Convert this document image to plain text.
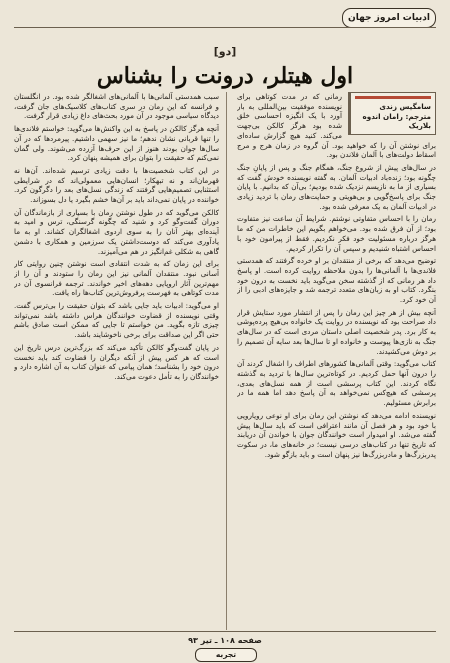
ادبیات امروز جهان
[دو]
اول هیتلر، درونت را بشناس
سامگیس زندی
مترجم: رامان اندوه بلاریک

رمانی که در مدت کوتاهی برای نویسنده موفقیت بین‌المللی به بار آورد با یک انگیزه احساسی خلق شده بود هرگز کالکن بی‌جهت می‌کند. کنید هیچ گزارش ساده‌ای برای نوشتن آن را که خواهید بود. آن گروه در زمان هرج و مرج اسقاط دولت‌های با آلمان فلاندن بود.

در سال‌های پیش از شروع جنگ، همگام جنگ و پس از پایانِ جنگ چگونه بود؛ زنده‌باد ادبیات آلمان. به گفته نویسنده خودش گفت که بسیاری از ما به نازیسم نزدیک شده بودیم؛ بی‌آن که بدانیم. با پایان جنگ برای پاسخ‌گویی و بی‌هویتی و حمایت‌های رمان با تردید زیادی در ادبیات آلمان به یک معرفی شده بود.

رمان را با احساس متفاوتی نوشتم. شرایط آن ساعت نیز متفاوت بود؛ از آن فرق شده بود. می‌خواهم بگویم این خاطرات من که ما هرگز درباره مسئولیت خود فکر نکردیم. فقط از پیرامون خود با احساس اشتباه شنیدیم و سپس آن را تکرار کردیم.

توضیح می‌دهد که برخی از منتقدان بر او خرده گرفتند که همدستی فلاندی‌ها با آلمانی‌ها را بدون ملاحظه روایت کرده است. او پاسخ داد هر رمانی که از گذشته سخن می‌گوید باید نخست به درون خود بنگرد. کتاب او به زبان‌های متعدد ترجمه شد و جایزه‌های ادبی را از آن خود کرد.

آنچه بیش از هر چیز این رمان را پس از انتشار مورد ستایش قرار داد صراحت بود که نویسنده در روایت یک خانواده بی‌هیچ پرده‌پوشی به کار برد. پدر شخصیت اصلی داستان مردی است که در سال‌های جنگ به نازی‌ها پیوست و خانواده او تا سال‌ها بعد سایه آن تصمیم را بر دوش می‌کشیدند.

کتاب می‌گوید: وقتی آلمانی‌ها کشورهای اطراف را اشغال کردند آن را درون آنها حمل کردیم. در کوتاه‌ترین سال‌ها با تردید به گذشته نگاه کردند. این کتاب پرسشی است از همه نسل‌های بعدی، پرسشی که هیچ‌کس نمی‌خواهد به آن پاسخ دهد اما همه ما در برابرش مسئولیم.

نویسنده ادامه می‌دهد که نوشتن این رمان برای او نوعی رویارویی با خود بود و هر فصل آن مانند اعترافی است که باید سال‌ها پیش گفته می‌شد. او امیدوار است خوانندگان جوان با خواندن آن دریابند که تاریخ تنها در کتاب‌های درسی نیست؛ در خانه‌های ما، در سکوت پدربزرگ‌ها و مادربزرگ‌ها نیز پنهان است و باید بازگو شود.

سبب همدستی آلمانی‌ها با آلمانی‌های اشغالگر شده بود. در انگلستان و فرانسه که این رمان در سری کتاب‌های کلاسیک‌های جان گرفت، دیدگاه سیاسی موجود در آن مورد بحث‌های داغ زیادی قرار گرفت.

آنچه هرگز کالکن در پاسخ به این واکنش‌ها می‌گوید: خواستم فلاندی‌ها را تنها قربانی نشان ندهم؛ ما نیز سهمی داشتیم. پیرمردها که در آن سال‌ها جوان بودند هنوز از این حرف‌ها آزرده می‌شوند. ولی گمان نمی‌کنم که حقیقت را بتوان برای همیشه پنهان کرد.

در این کتاب شخصیت‌ها با دقت زیادی ترسیم شده‌اند. آن‌ها نه قهرمان‌اند و نه تبهکار؛ انسان‌هایی معمولی‌اند که در شرایطی استثنایی تصمیم‌هایی گرفتند که زندگی نسل‌های بعد را دگرگون کرد. خواننده در پایان نمی‌داند باید بر آن‌ها خشم بگیرد یا دل بسوزاند.

کالکن می‌گوید که در طول نوشتن رمان با بسیاری از بازماندگان آن دوران گفت‌وگو کرد و شنید که چگونه گرسنگی، ترس و امید به آینده‌ای بهتر آنان را به سوی اردوی اشغالگران کشاند. او به ما یادآوری می‌کند که دوست‌داشتن یک سرزمین و همکاری با دشمن گاهی به شکلی غم‌انگیز در هم می‌آمیزند.

برای این زمان که به شدت انتقادی است نوشتن چنین روایتی کار آسانی نبود. منتقدان آلمانی نیز این رمان را ستودند و آن را از مهم‌ترین آثار اروپایی دهه‌های اخیر خواندند. ترجمه فرانسوی آن در مدت کوتاهی به فهرست پرفروش‌ترین کتاب‌ها راه یافت.

او می‌گوید: ادبیات باید جایی باشد که بتوان حقیقت را بی‌ترس گفت. وقتی نویسنده از قضاوت خوانندگان هراس داشته باشد نمی‌تواند چیزی تازه بگوید. من خواستم تا جایی که ممکن است صادق باشم حتی اگر این صداقت برای برخی ناخوشایند باشد.

در پایان گفت‌وگو کالکن تأکید می‌کند که بزرگ‌ترین درس تاریخ این است که هر کس پیش از آنکه دیگران را قضاوت کند باید نخست درون خود را بشناسد؛ همان پیامی که عنوان کتاب به آن اشاره دارد و خوانندگان را به تأمل دعوت می‌کند.

صفحه ۱۰۸ ـ تیر ۹۳
تجربه
